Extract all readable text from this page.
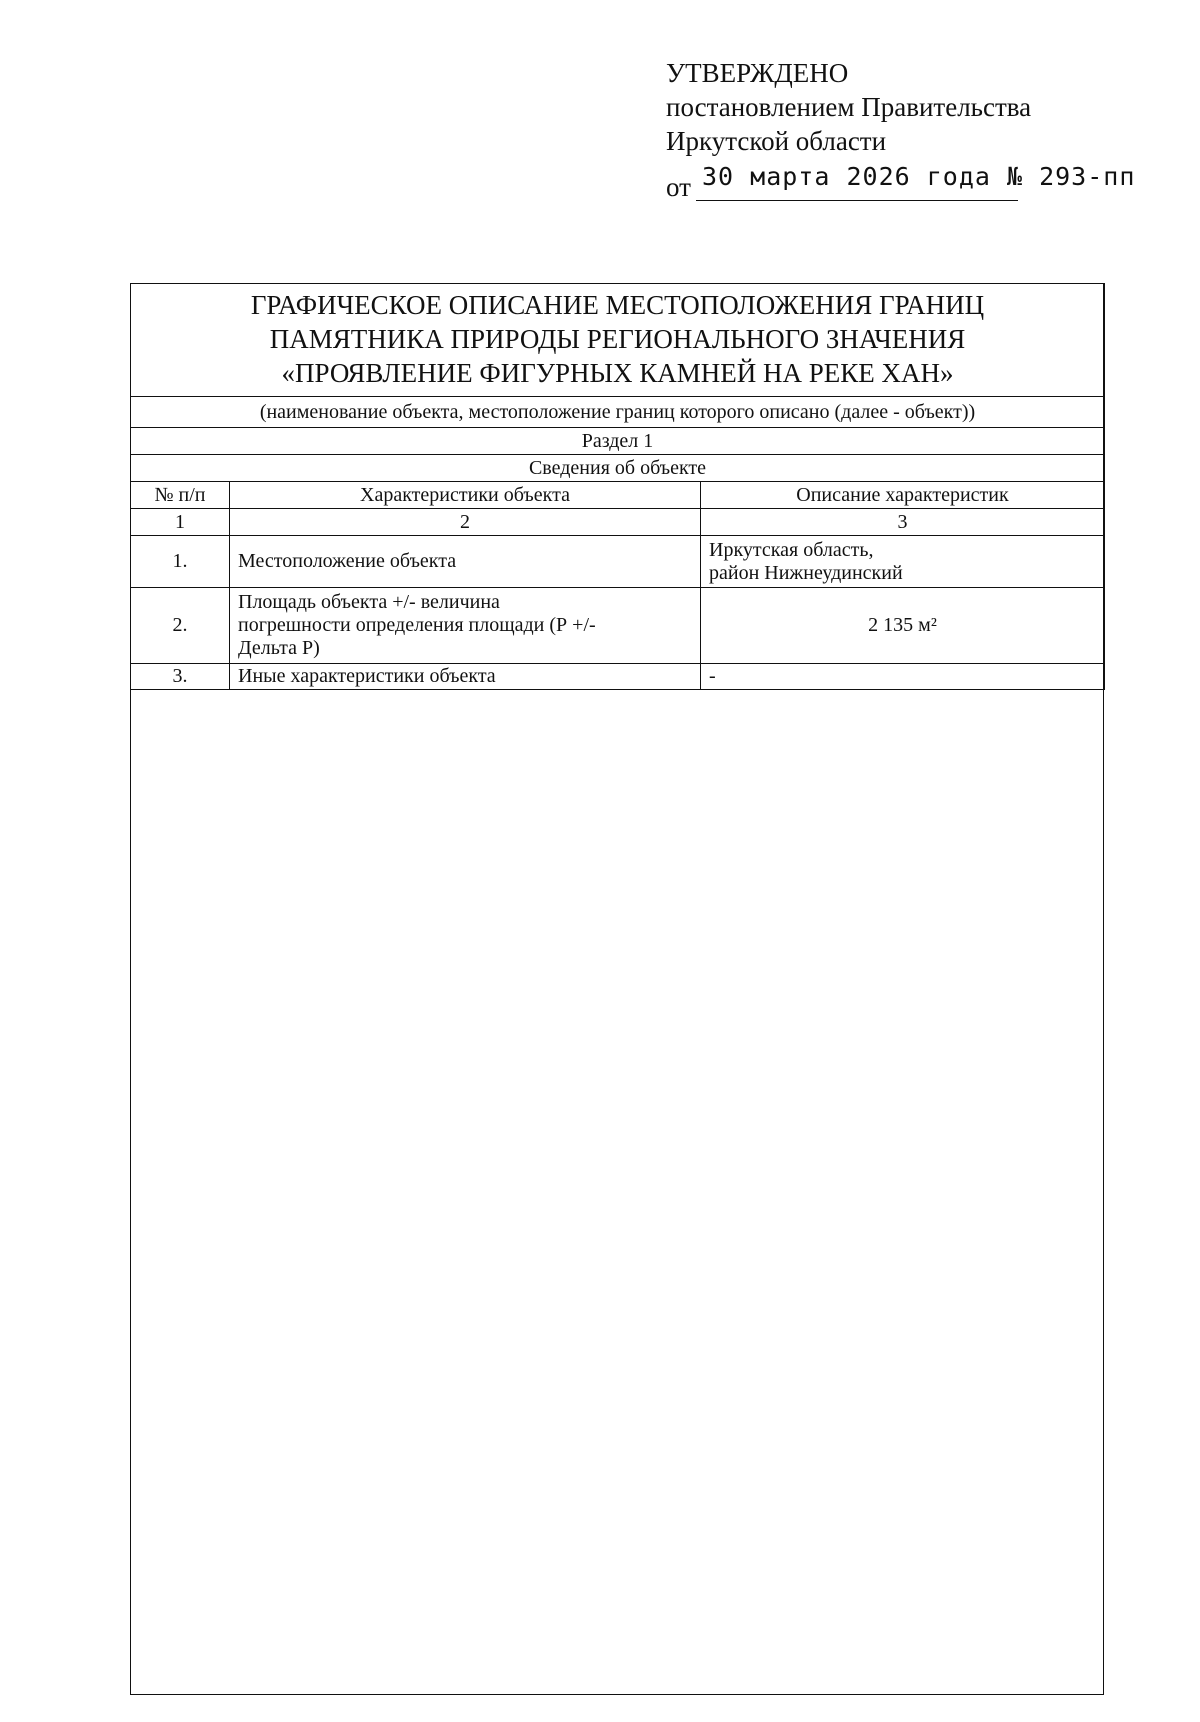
УТВЕРЖДЕНО
постановлением Правительства
Иркутской области
от 30 марта 2026 года № 293-пп
ГРАФИЧЕСКОЕ ОПИСАНИЕ МЕСТОПОЛОЖЕНИЯ ГРАНИЦ
ПАМЯТНИКА ПРИРОДЫ РЕГИОНАЛЬНОГО ЗНАЧЕНИЯ
«ПРОЯВЛЕНИЕ ФИГУРНЫХ КАМНЕЙ НА РЕКЕ ХАН»		

(наименование объекта, местоположение границ которого описано (далее - объект))		
Раздел 1		
Сведения об объекте		
№ п/п	Характеристики объекта	Описание характеристик
1	2	3
1.	Местоположение объекта	Иркутская область,
район Нижнеудинский

2.	Площадь объекта +/- величина
погрешности определения площади (Р +/-
Дельта Р)	2 135 м²
3.	Иные характеристики объекта	-
